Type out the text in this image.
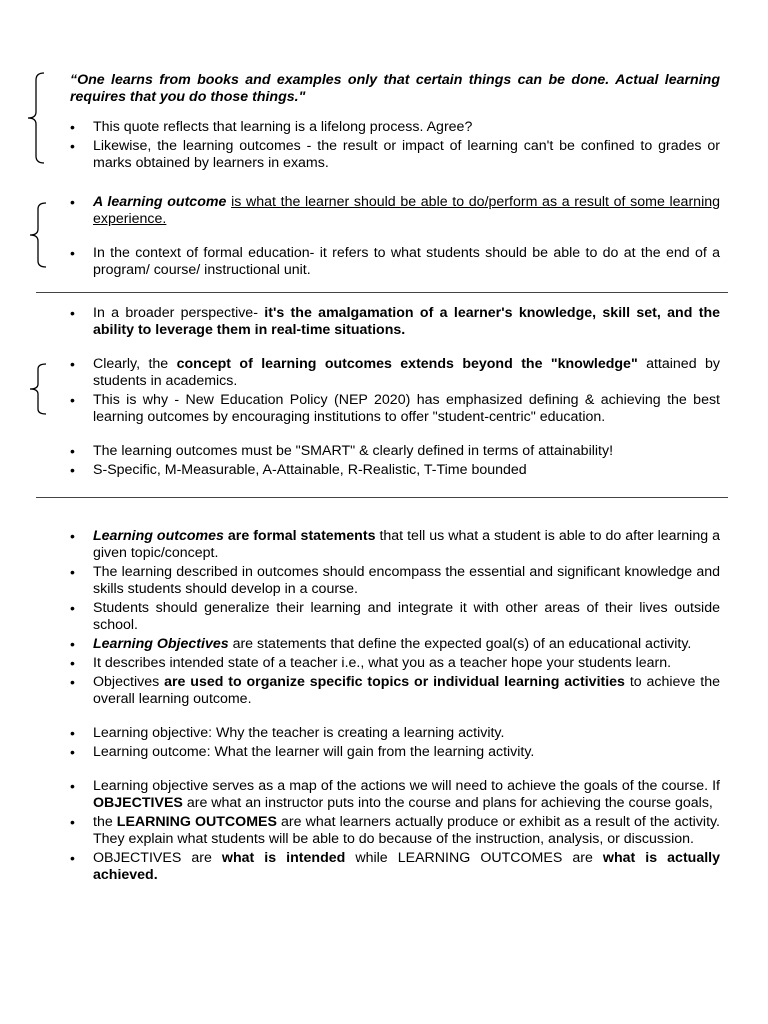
“One learns from books and examples only that certain things can be done. Actual learning requires that you do those things."

• This quote reflects that learning is a lifelong process. Agree?
• Likewise, the learning outcomes - the result or impact of learning can't be confined to grades or marks obtained by learners in exams.
• A learning outcome is what the learner should be able to do/perform as a result of some learning experience.
• In the context of formal education- it refers to what students should be able to do at the end of a program/ course/ instructional unit.
• In a broader perspective- it's the amalgamation of a learner's knowledge, skill set, and the ability to leverage them in real-time situations.
• Clearly, the concept of learning outcomes extends beyond the "knowledge" attained by students in academics.
• This is why - New Education Policy (NEP 2020) has emphasized defining & achieving the best learning outcomes by encouraging institutions to offer "student-centric" education.
• The learning outcomes must be "SMART" & clearly defined in terms of attainability!
• S-Specific, M-Measurable, A-Attainable, R-Realistic, T-Time bounded
• Learning outcomes are formal statements that tell us what a student is able to do after learning a given topic/concept.
• The learning described in outcomes should encompass the essential and significant knowledge and skills students should develop in a course.
• Students should generalize their learning and integrate it with other areas of their lives outside school.
• Learning Objectives are statements that define the expected goal(s) of an educational activity.
• It describes intended state of a teacher i.e., what you as a teacher hope your students learn.
• Objectives are used to organize specific topics or individual learning activities to achieve the overall learning outcome.
• Learning objective: Why the teacher is creating a learning activity.
• Learning outcome: What the learner will gain from the learning activity.
• Learning objective serves as a map of the actions we will need to achieve the goals of the course. If OBJECTIVES are what an instructor puts into the course and plans for achieving the course goals,
• the LEARNING OUTCOMES are what learners actually produce or exhibit as a result of the activity. They explain what students will be able to do because of the instruction, analysis, or discussion.
• OBJECTIVES are what is intended while LEARNING OUTCOMES are what is actually achieved.
